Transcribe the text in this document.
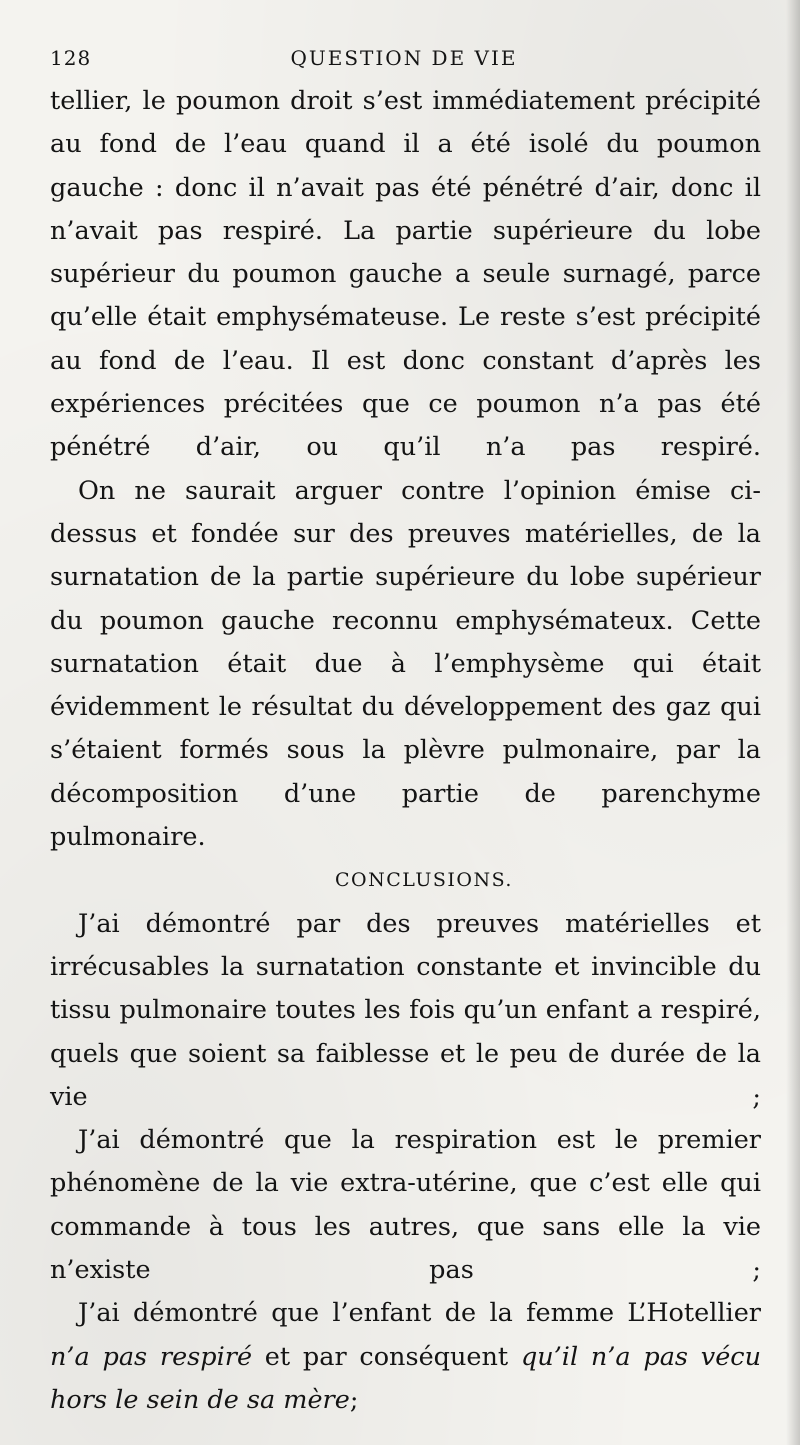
128	QUESTION DE VIE

tellier, le poumon droit s’est immédiatement précipité au fond de l’eau quand il a été isolé du poumon gauche : donc il n’avait pas été pénétré d’air, donc il n’avait pas respiré. La partie supérieure du lobe supérieur du poumon gauche a seule surnagé, parce qu’elle était emphysémateuse. Le reste s’est précipité au fond de l’eau. Il est donc constant d’après les expériences précitées que ce poumon n’a pas été pénétré d’air, ou qu’il n’a pas respiré.

On ne saurait arguer contre l’opinion émise ci-dessus et fondée sur des preuves matérielles, de la surnatation de la partie supérieure du lobe supérieur du poumon gauche reconnu emphysémateux. Cette surnatation était due à l’emphysème qui était évidemment le résultat du développement des gaz qui s’étaient formés sous la plèvre pulmonaire, par la décomposition d’une partie de parenchyme pulmonaire.

CONCLUSIONS.

J’ai démontré par des preuves matérielles et irrécusables la surnatation constante et invincible du tissu pulmonaire toutes les fois qu’un enfant a respiré, quels que soient sa faiblesse et le peu de durée de la vie ;

J’ai démontré que la respiration est le premier phénomène de la vie extra-utérine, que c’est elle qui commande à tous les autres, que sans elle la vie n’existe pas ;

J’ai démontré que l’enfant de la femme L’Hotellier n’a pas respiré et par conséquent qu’il n’a pas vécu hors le sein de sa mère;
